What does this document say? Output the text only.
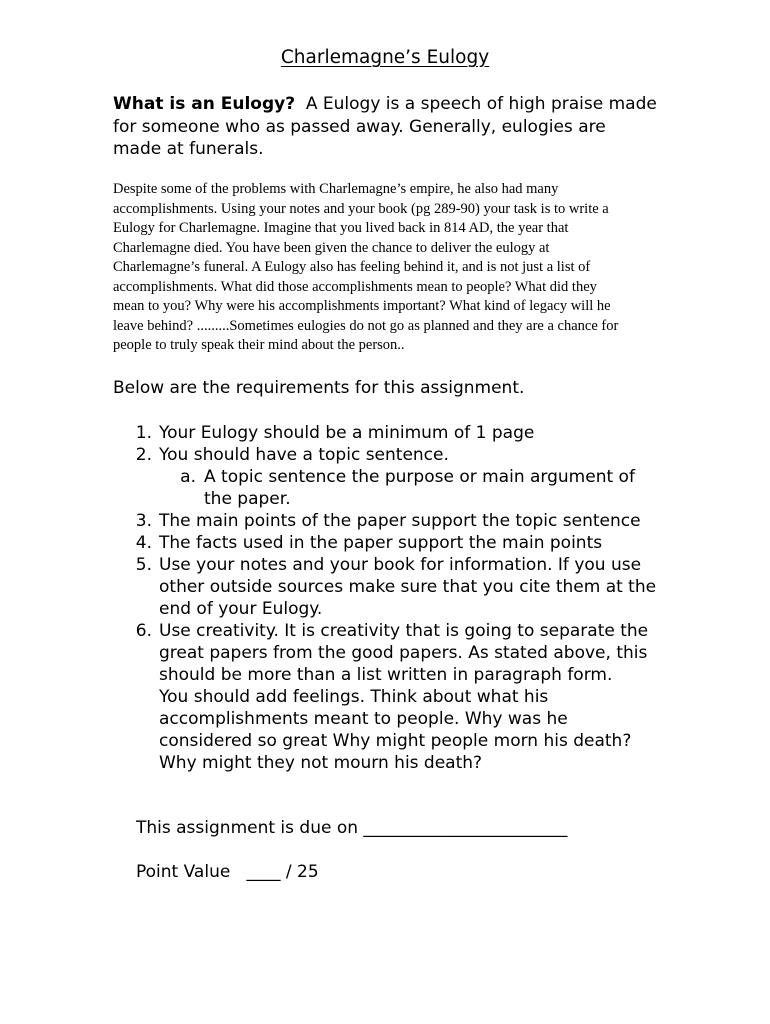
Charlemagne’s Eulogy
What is an Eulogy? A Eulogy is a speech of high praise made
for someone who as passed away. Generally, eulogies are
made at funerals.
Despite some of the problems with Charlemagne’s empire, he also had many
accomplishments. Using your notes and your book (pg 289-90) your task is to write a
Eulogy for Charlemagne. Imagine that you lived back in 814 AD, the year that
Charlemagne died. You have been given the chance to deliver the eulogy at
Charlemagne’s funeral. A Eulogy also has feeling behind it, and is not just a list of
accomplishments. What did those accomplishments mean to people? What did they
mean to you? Why were his accomplishments important? What kind of legacy will he
leave behind? .........Sometimes eulogies do not go as planned and they are a chance for
people to truly speak their mind about the person..
Below are the requirements for this assignment.
1. Your Eulogy should be a minimum of 1 page
2. You should have a topic sentence.
a. A topic sentence the purpose or main argument of
the paper.
3. The main points of the paper support the topic sentence
4. The facts used in the paper support the main points
5. Use your notes and your book for information. If you use
other outside sources make sure that you cite them at the
end of your Eulogy.
6. Use creativity. It is creativity that is going to separate the
great papers from the good papers. As stated above, this
should be more than a list written in paragraph form.
You should add feelings. Think about what his
accomplishments meant to people. Why was he
considered so great Why might people morn his death?
Why might they not mourn his death?
This assignment is due on ________________________
Point Value ____ / 25
